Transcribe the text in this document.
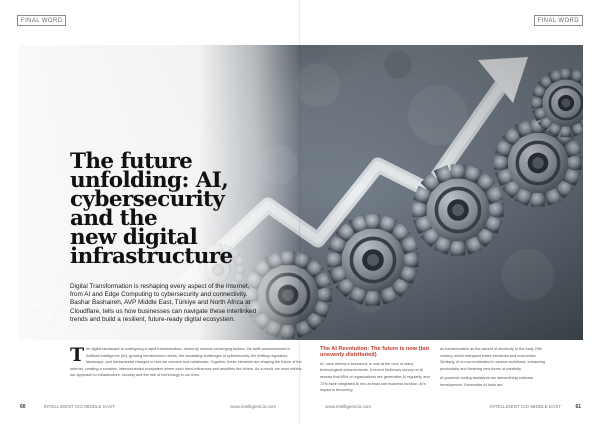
FINAL WORD	FINAL WORD
The future
unfolding: AI,
cybersecurity
and the
new digital
infrastructure
Digital Transformation is reshaping every aspect of the Internet, from AI and Edge Computing to cybersecurity and connectivity. Bashar Bashaireh, AVP Middle East, Türkiye and North Africa at Cloudflare, tells us how businesses can navigate these interlinked trends and build a resilient, future-ready digital ecosystem.
T he digital landscape is undergoing a rapid transformation, driven by several converging factors: the swift advancements in Artificial Intelligence (AI), growing infrastructure needs, the escalating challenges of cybersecurity, the shifting regulatory landscape, and fundamental changes in how we connect and collaborate. Together, these elements are shaping the future of the Internet, creating a complex, interconnected ecosystem where each trend influences and amplifies the others. As a result, we must rethink our approach to infrastructure, security and the role of technology in our lives.
The AI Revolution: The future is now (but unevenly distributed)
AI, once merely a buzzword, is now at the core of many technological advancements. A recent McKinsey survey on AI reveals that 65% of organisations are generative AI regularly, and 72% have integrated AI into at least one business function. AI's impact is becoming
as transformative as the advent of electricity in the early 20th century, which reshaped entire industries and economies. Similarly, AI is now embedded in various workflows, enhancing productivity and fostering new forms of creativity.
AI-powered coding assistants are streamlining software development. Generative AI tools are
60	INTELLIGENT CIO MIDDLE EAST	www.intelligentcio.com	www.intelligentcio.com	INTELLIGENT CIO MIDDLE EAST	61
